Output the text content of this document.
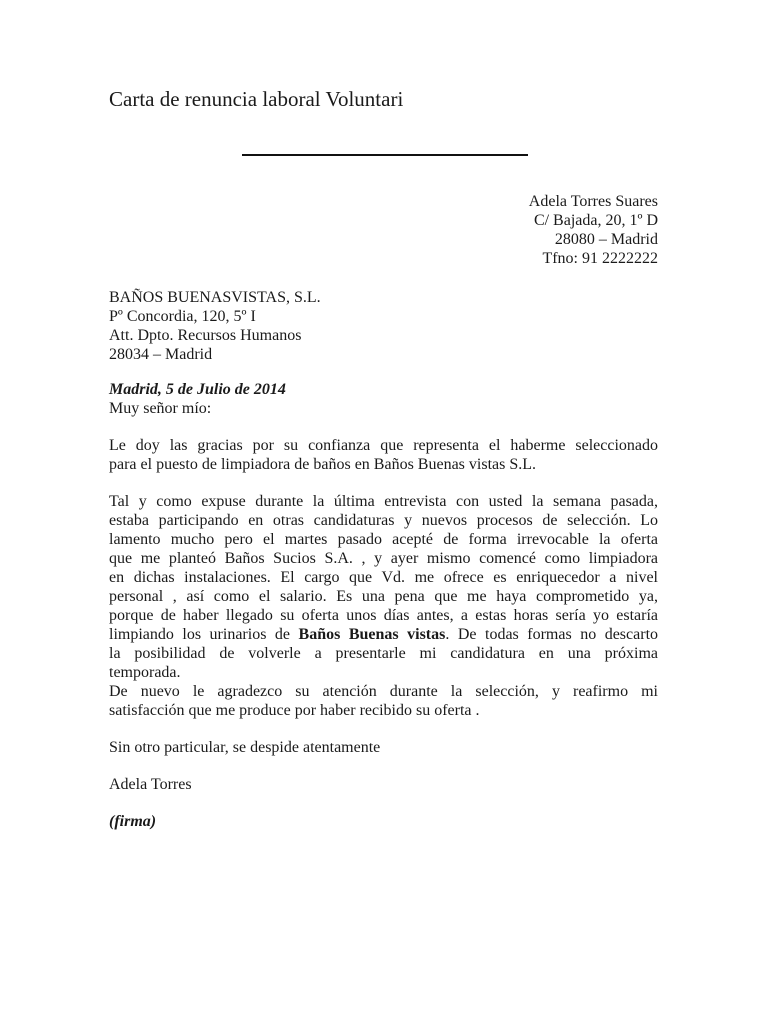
Carta de renuncia laboral Voluntari
Adela Torres Suares
C/ Bajada, 20, 1º D
28080 – Madrid
Tfno: 91 2222222
BAÑOS BUENASVISTAS, S.L.
Pº Concordia, 120, 5º I
Att. Dpto. Recursos Humanos
28034 – Madrid
Madrid, 5 de Julio de 2014
Muy señor mío:
Le doy las gracias por su confianza que representa el haberme seleccionado
para el puesto de limpiadora de baños en Baños Buenas vistas S.L.
Tal y como expuse durante la última entrevista con usted la semana pasada,
estaba participando en otras candidaturas y nuevos procesos de selección. Lo
lamento mucho pero el martes pasado acepté de forma irrevocable la oferta
que me planteó Baños Sucios S.A. , y ayer mismo comencé como limpiadora
en dichas instalaciones. El cargo que Vd. me ofrece es enriquecedor a nivel
personal , así como el salario. Es una pena que me haya comprometido ya,
porque de haber llegado su oferta unos días antes, a estas horas sería yo estaría
limpiando los urinarios de Baños Buenas vistas. De todas formas no descarto
la posibilidad de volverle a presentarle mi candidatura en una próxima
temporada.
De nuevo le agradezco su atención durante la selección, y reafirmo mi
satisfacción que me produce por haber recibido su oferta .
Sin otro particular, se despide atentamente
Adela Torres
(firma)
